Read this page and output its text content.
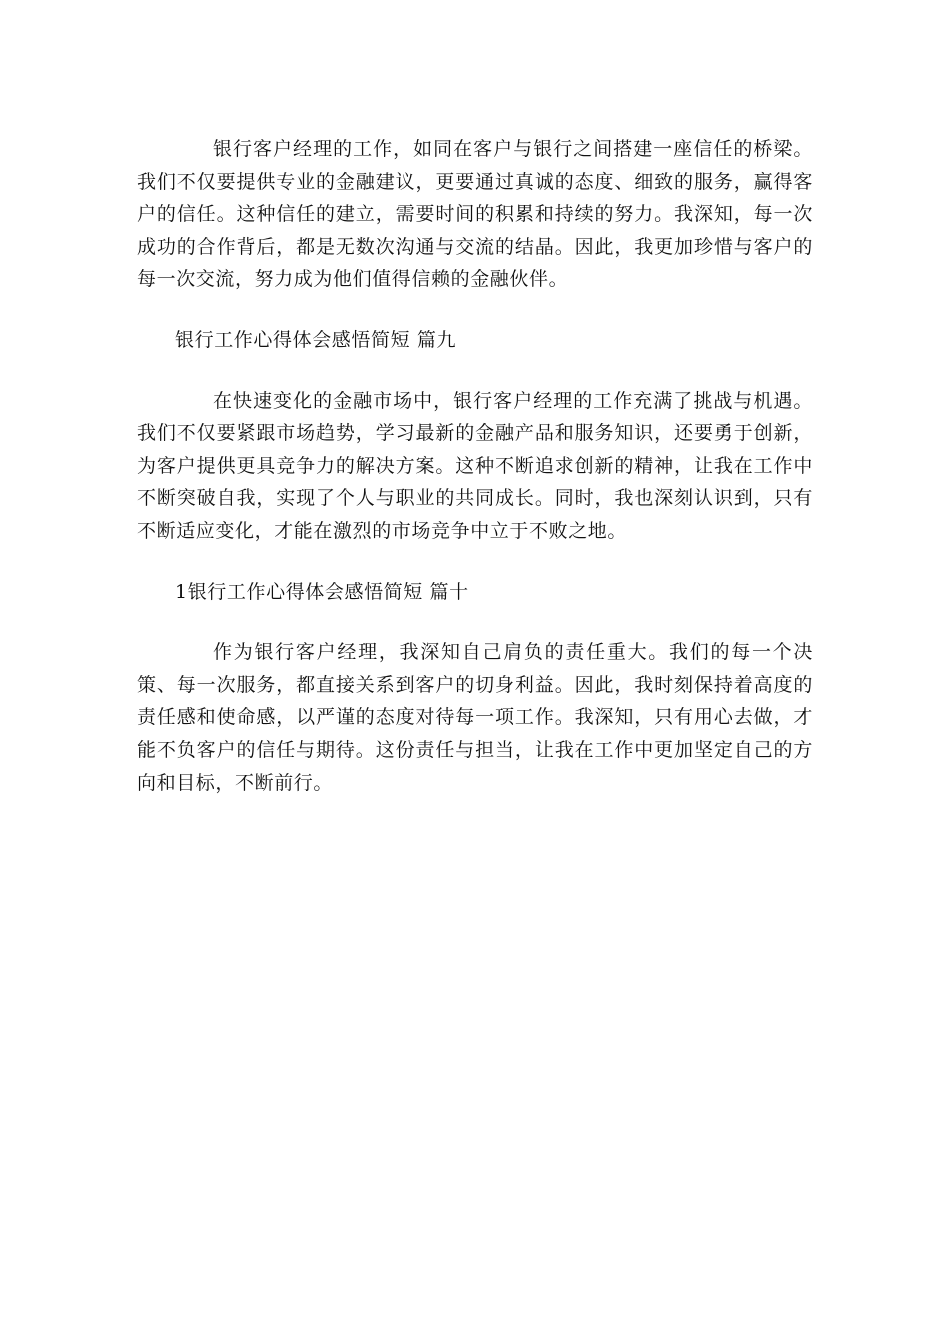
银行客户经理的工作，如同在客户与银行之间搭建一座信任的桥梁。我们不仅要提供专业的金融建议，更要通过真诚的态度、细致的服务，赢得客户的信任。这种信任的建立，需要时间的积累和持续的努力。我深知，每一次成功的合作背后，都是无数次沟通与交流的结晶。因此，我更加珍惜与客户的每一次交流，努力成为他们值得信赖的金融伙伴。

银行工作心得体会感悟简短 篇九

在快速变化的金融市场中，银行客户经理的工作充满了挑战与机遇。我们不仅要紧跟市场趋势，学习最新的金融产品和服务知识，还要勇于创新，为客户提供更具竞争力的解决方案。这种不断追求创新的精神，让我在工作中不断突破自我，实现了个人与职业的共同成长。同时，我也深刻认识到，只有不断适应变化，才能在激烈的市场竞争中立于不败之地。

1银行工作心得体会感悟简短 篇十

作为银行客户经理，我深知自己肩负的责任重大。我们的每一个决策、每一次服务，都直接关系到客户的切身利益。因此，我时刻保持着高度的责任感和使命感，以严谨的态度对待每一项工作。我深知，只有用心去做，才能不负客户的信任与期待。这份责任与担当，让我在工作中更加坚定自己的方向和目标，不断前行。
